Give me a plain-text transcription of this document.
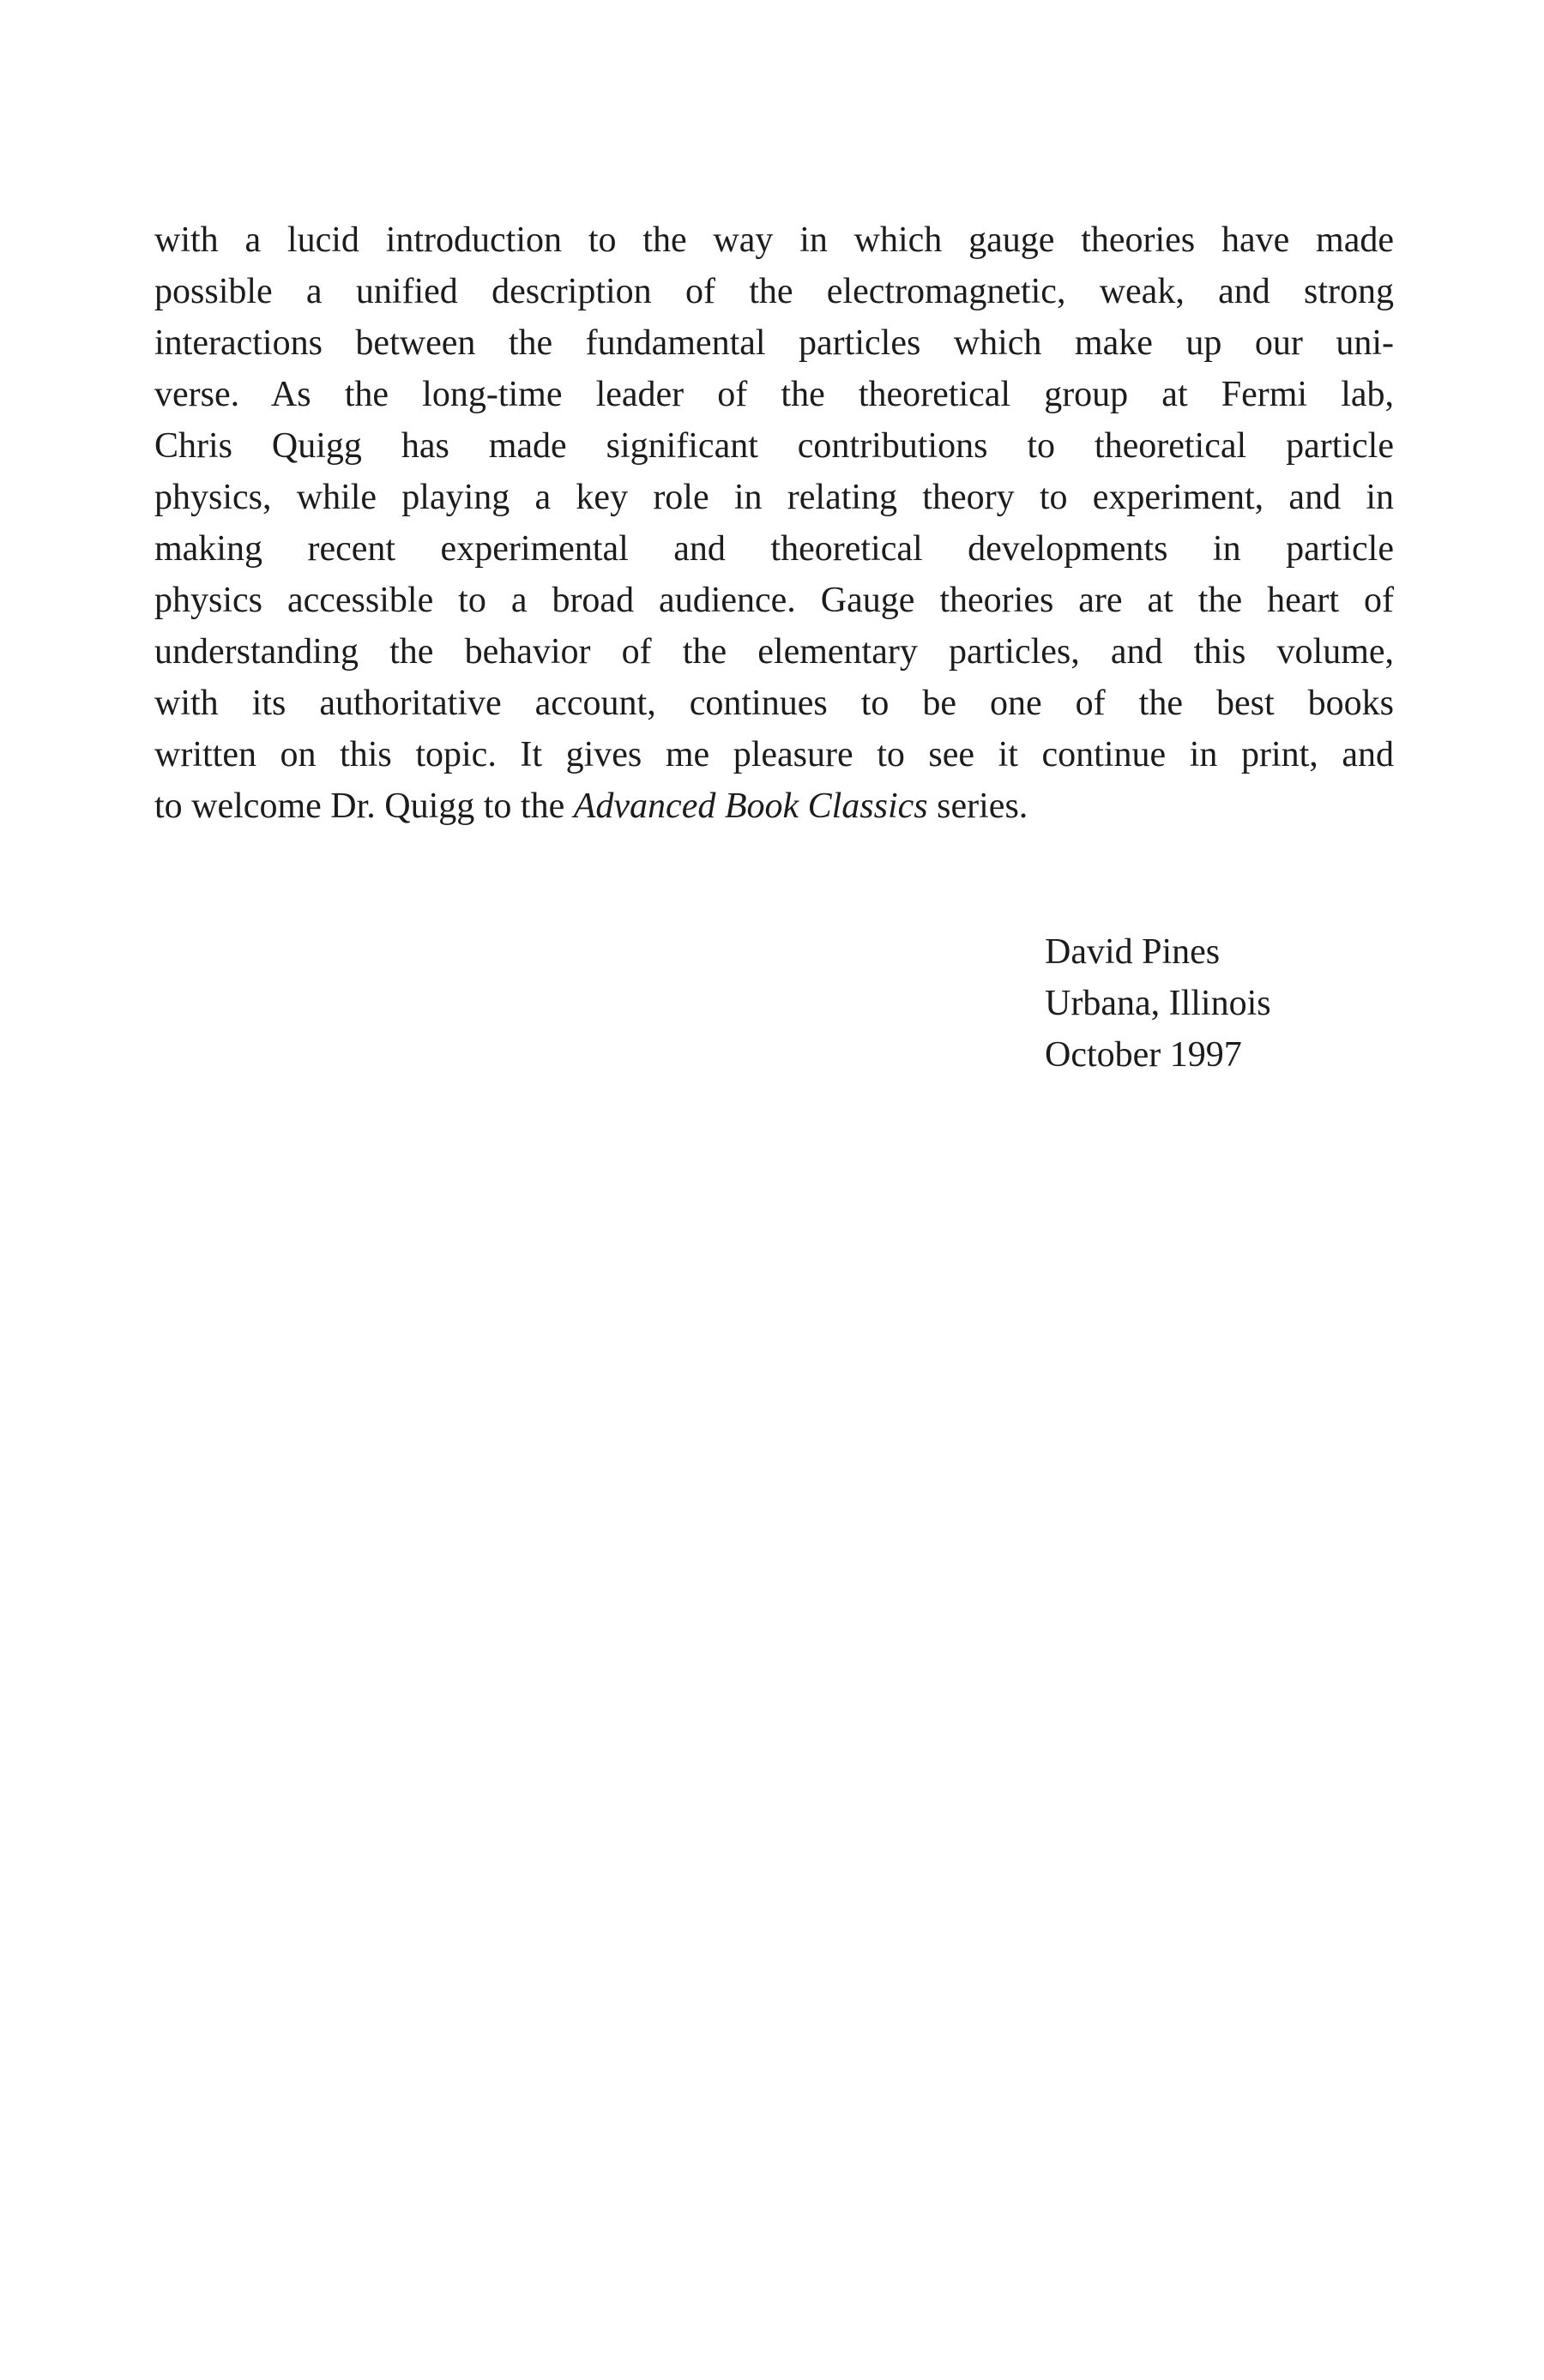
with a lucid introduction to the way in which gauge theories have made
possible a unified description of the electromagnetic, weak, and strong
interactions between the fundamental particles which make up our uni-
verse. As the long-time leader of the theoretical group at Fermi lab,
Chris Quigg has made significant contributions to theoretical particle
physics, while playing a key role in relating theory to experiment, and in
making recent experimental and theoretical developments in particle
physics accessible to a broad audience. Gauge theories are at the heart of
understanding the behavior of the elementary particles, and this volume,
with its authoritative account, continues to be one of the best books
written on this topic. It gives me pleasure to see it continue in print, and
to welcome Dr. Quigg to the Advanced Book Classics series.
David Pines
Urbana, Illinois
October 1997
